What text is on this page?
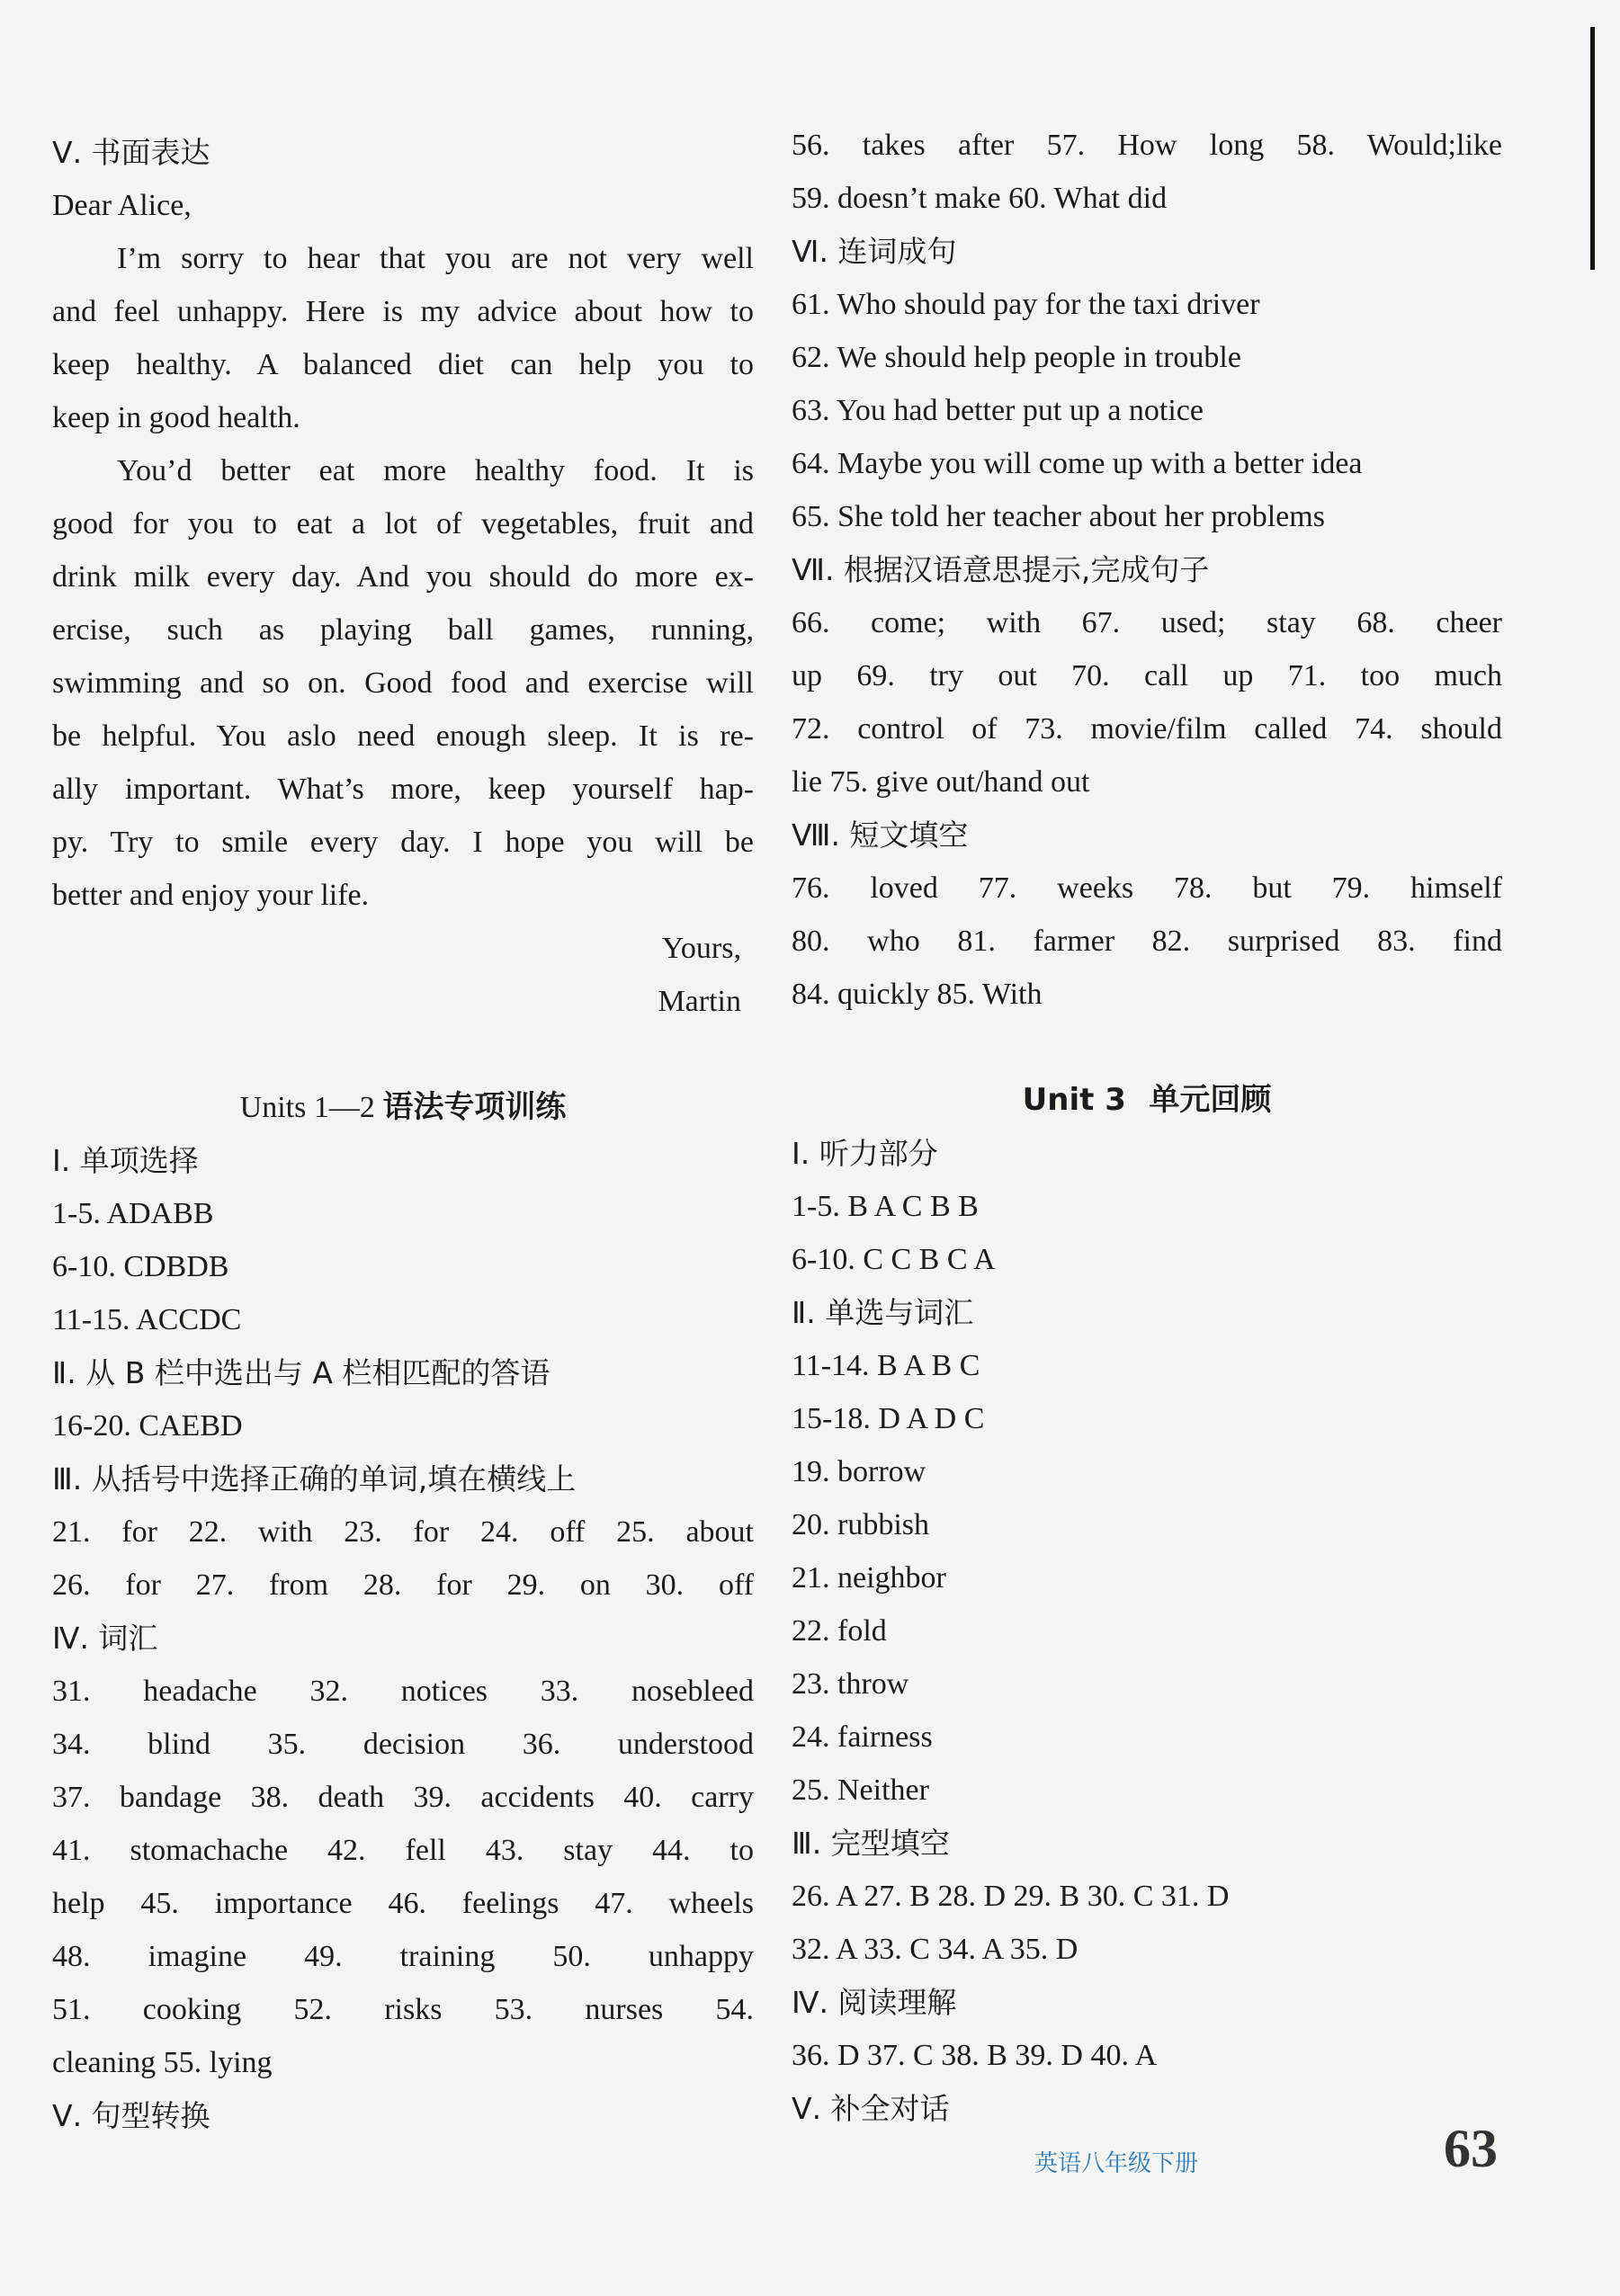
Ⅴ. 书面表达
Dear Alice,
I’m sorry to hear that you are not very well
and feel unhappy. Here is my advice about how to
keep healthy. A balanced diet can help you to
keep in good health.
You’d better eat more healthy food. It is
good for you to eat a lot of vegetables, fruit and
drink milk every day. And you should do more ex-
ercise, such as playing ball games, running,
swimming and so on. Good food and exercise will
be helpful. You aslo need enough sleep. It is re-
ally important. What’s more, keep yourself hap-
py. Try to smile every day. I hope you will be
better and enjoy your life.
Yours,
Martin
Units 1—2 语法专项训练
Ⅰ. 单项选择
1-5. ADABB
6-10. CDBDB
11-15. ACCDC
Ⅱ. 从 B 栏中选出与 A 栏相匹配的答语
16-20. CAEBD
Ⅲ. 从括号中选择正确的单词,填在横线上
21. for 22. with 23. for 24. off 25. about
26. for 27. from 28. for 29. on 30. off
Ⅳ. 词汇
31. headache 32. notices 33. nosebleed
34. blind 35. decision 36. understood
37. bandage 38. death 39. accidents 40. carry
41. stomachache 42. fell 43. stay 44. to
help 45. importance 46. feelings 47. wheels
48. imagine 49. training 50. unhappy
51. cooking 52. risks 53. nurses 54.
cleaning 55. lying
Ⅴ. 句型转换
56. takes after 57. How long 58. Would;like
59. doesn’t make 60. What did
Ⅵ. 连词成句
61. Who should pay for the taxi driver
62. We should help people in trouble
63. You had better put up a notice
64. Maybe you will come up with a better idea
65. She told her teacher about her problems
Ⅶ. 根据汉语意思提示,完成句子
66. come; with 67. used; stay 68. cheer
up 69. try out 70. call up 71. too much
72. control of 73. movie/film called 74. should
lie 75. give out/hand out
Ⅷ. 短文填空
76. loved 77. weeks 78. but 79. himself
80. who 81. farmer 82. surprised 83. find
84. quickly 85. With
Unit 3 单元回顾
Ⅰ. 听力部分
1-5. B A C B B
6-10. C C B C A
Ⅱ. 单选与词汇
11-14. B A B C
15-18. D A D C
19. borrow
20. rubbish
21. neighbor
22. fold
23. throw
24. fairness
25. Neither
Ⅲ. 完型填空
26. A 27. B 28. D 29. B 30. C 31. D
32. A 33. C 34. A 35. D
Ⅳ. 阅读理解
36. D 37. C 38. B 39. D 40. A
Ⅴ. 补全对话
英语八年级下册	63
